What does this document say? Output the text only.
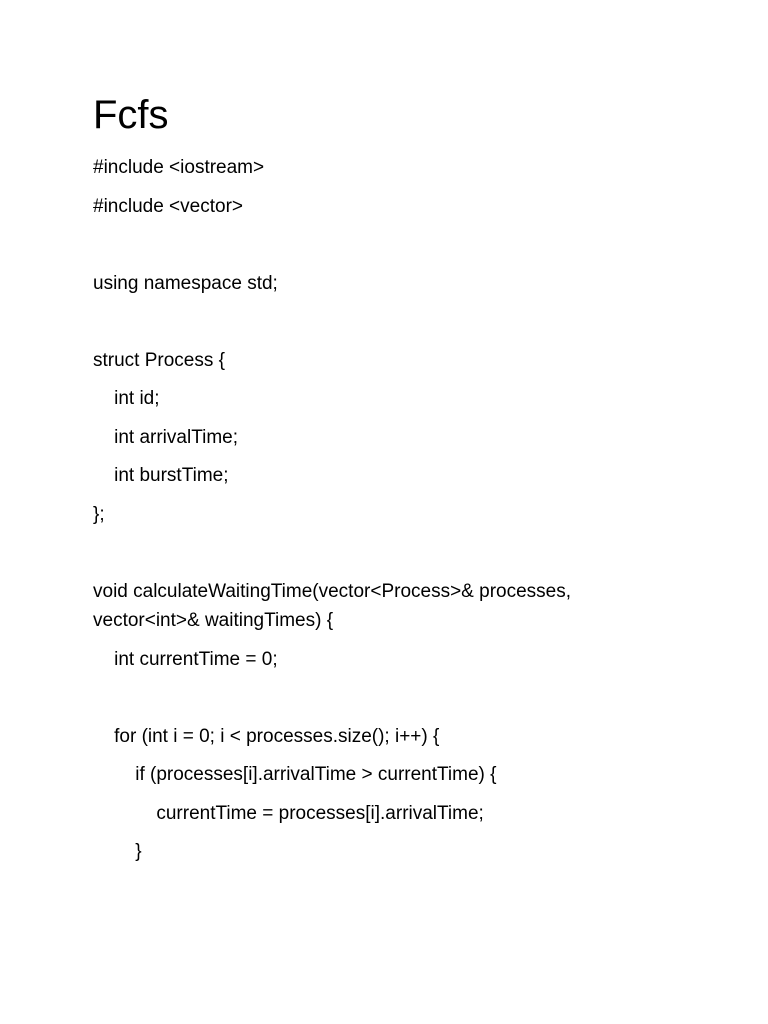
Fcfs

#include <iostream>

#include <vector>

using namespace std;

struct Process {

int id;

int arrivalTime;

int burstTime;

};

void calculateWaitingTime(vector<Process>& processes,

vector<int>& waitingTimes) {

int currentTime = 0;

for (int i = 0; i < processes.size(); i++) {

if (processes[i].arrivalTime > currentTime) {

currentTime = processes[i].arrivalTime;

}
